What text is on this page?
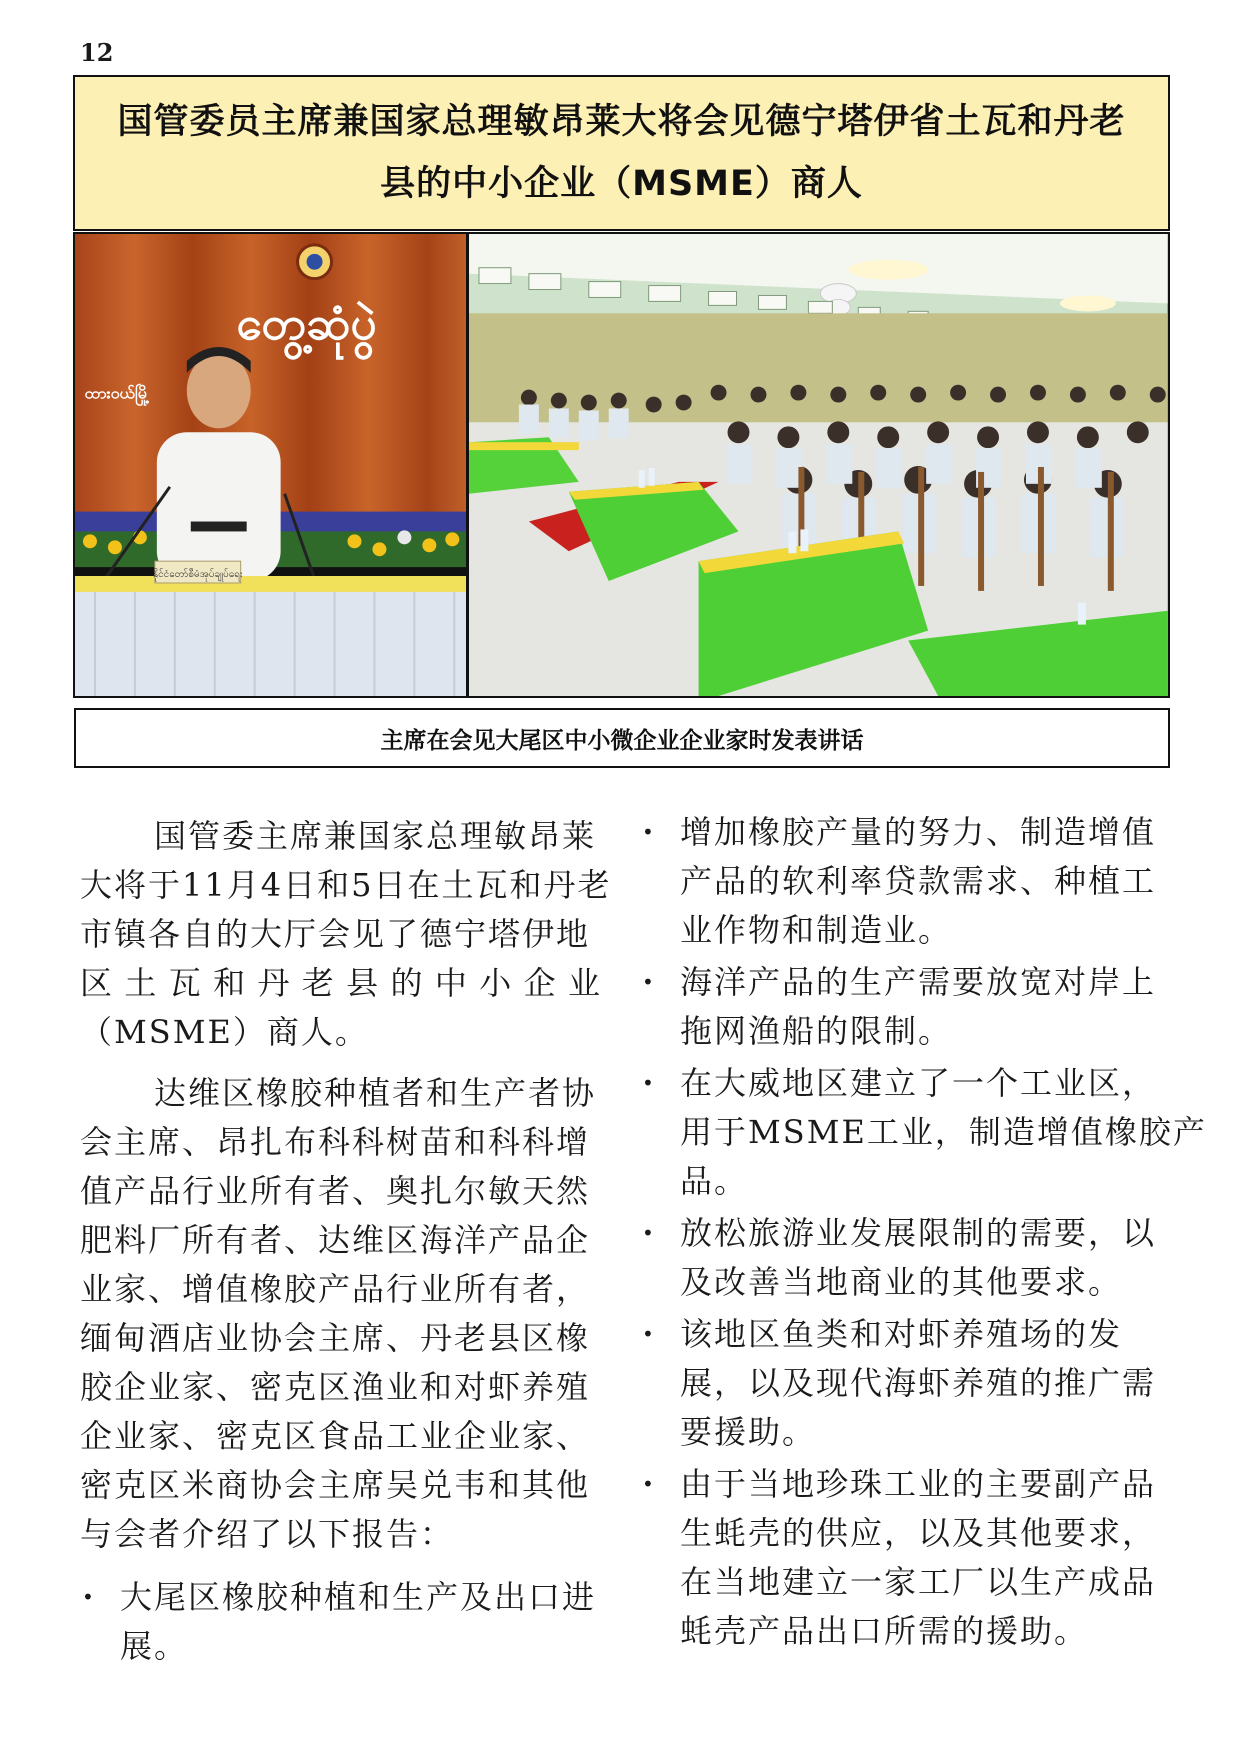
12
国管委员主席兼国家总理敏昂莱大将会见德宁塔伊省土瓦和丹老
县的中小企业（MSME）商人
တွေ့ဆုံပွဲ
ထားဝယ်မြို့
နိုင်ငံတော်စီမံအုပ်ချုပ်ရေး
主席在会见大尾区中小微企业企业家时发表讲话
国管委主席兼国家总理敏昂莱
大将于11月4日和5日在土瓦和丹老
市镇各自的大厅会见了德宁塔伊地
区 土 瓦 和 丹 老 县 的 中 小 企 业
（MSME）商人。
达维区橡胶种植者和生产者协
会主席、昂扎布科科树苗和科科增
值产品行业所有者、奥扎尔敏天然
肥料厂所有者、达维区海洋产品企
业家、增值橡胶产品行业所有者，
缅甸酒店业协会主席、丹老县区橡
胶企业家、密克区渔业和对虾养殖
企业家、密克区食品工业企业家、
密克区米商协会主席吴兑韦和其他
与会者介绍了以下报告：
• 大尾区橡胶种植和生产及出口进
展。
• 增加橡胶产量的努力、制造增值
产品的软利率贷款需求、种植工
业作物和制造业。
• 海洋产品的生产需要放宽对岸上
拖网渔船的限制。
• 在大威地区建立了一个工业区，
用于MSME工业，制造增值橡胶产
品。
• 放松旅游业发展限制的需要，以
及改善当地商业的其他要求。
• 该地区鱼类和对虾养殖场的发
展，以及现代海虾养殖的推广需
要援助。
• 由于当地珍珠工业的主要副产品
生蚝壳的供应，以及其他要求，
在当地建立一家工厂以生产成品
蚝壳产品出口所需的援助。
